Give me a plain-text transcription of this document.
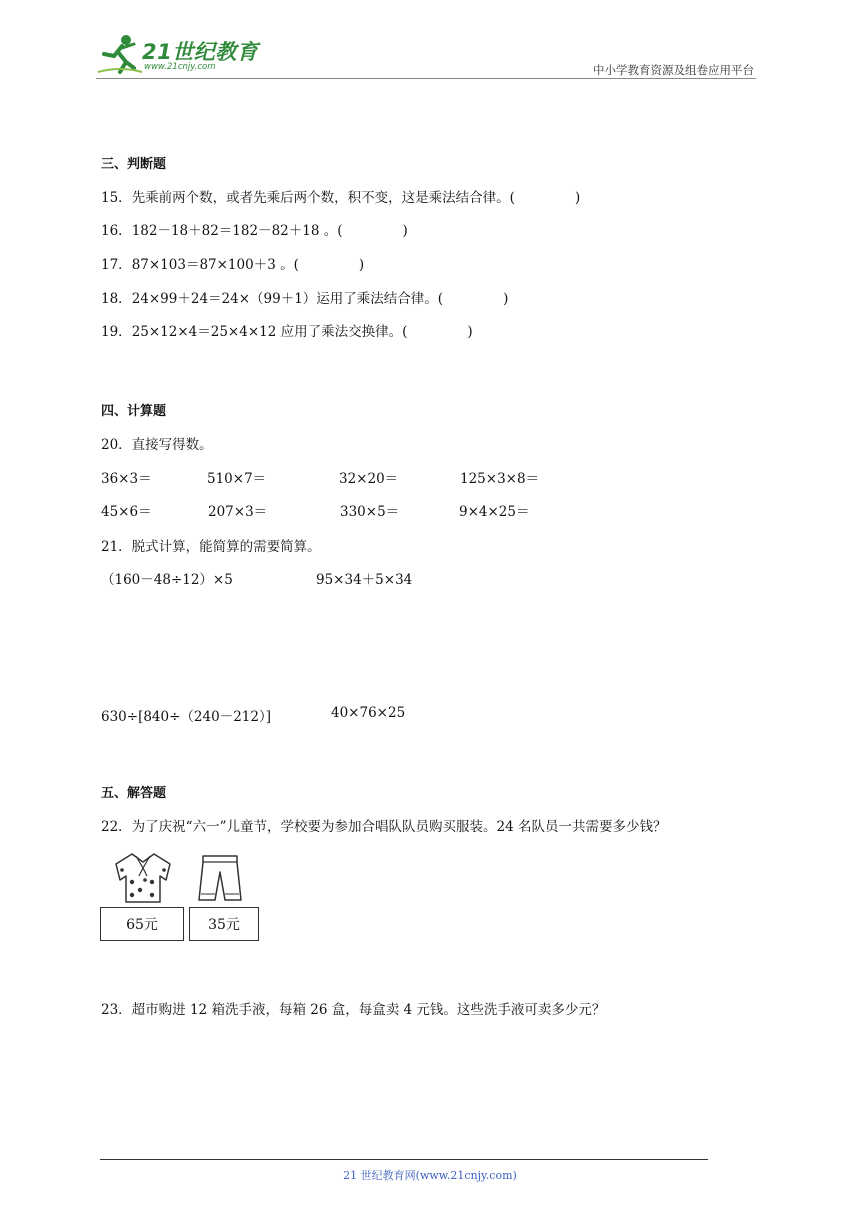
21世纪教育
www.21cnjy.com	中小学教育资源及组卷应用平台
三、判断题
15．先乘前两个数，或者先乘后两个数，积不变，这是乘法结合律。(	)
16．182－18＋82＝182－82＋18 。(	)
17．87×103＝87×100＋3 。(	)
18．24×99＋24＝24×（99＋1）运用了乘法结合律。(	)
19．25×12×4＝25×4×12 应用了乘法交换律。(	)
四、计算题
20．直接写得数。
36×3＝	510×7＝	32×20＝	125×3×8＝
45×6＝	207×3＝	330×5＝	9×4×25＝
21．脱式计算，能简算的需要简算。
（160－48÷12）×5	95×34＋5×34
630÷[840÷（240－212）]	40×76×25
五、解答题
22．为了庆祝“六一”儿童节，学校要为参加合唱队队员购买服装。24 名队员一共需要多少钱？
65元	35元
23．超市购进 12 箱洗手液，每箱 26 盒，每盒卖 4 元钱。这些洗手液可卖多少元？
21 世纪教育网(www.21cnjy.com)
